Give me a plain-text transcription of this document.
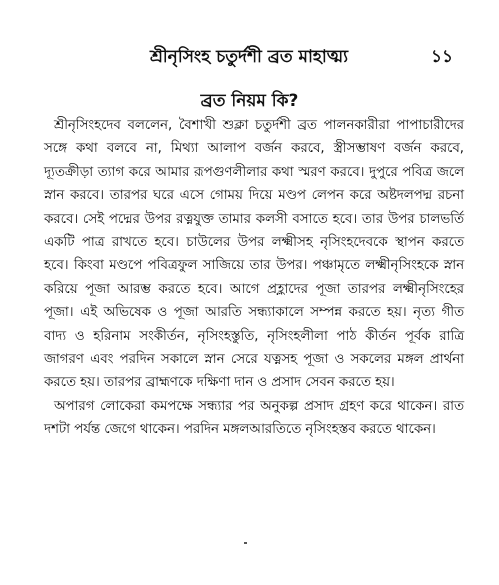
শ্রীনৃসিংহ চতুর্দশী ব্রত মাহাত্ম্য	১১
ব্রত নিয়ম কি?

শ্রীনৃসিংহদেব বললেন, বৈশাখী শুক্লা চতুর্দশী ব্রত পালনকারীরা পাপাচারীদের সঙ্গে কথা বলবে না, মিথ্যা আলাপ বর্জন করবে, স্ত্রীসম্ভাষণ বর্জন করবে, দ্যূতক্রীড়া ত্যাগ করে আমার রূপগুণলীলার কথা স্মরণ করবে। দুপুরে পবিত্র জলে স্নান করবে। তারপর ঘরে এসে গোময় দিয়ে মণ্ডপ লেপন করে অষ্টদলপদ্ম রচনা করবে। সেই পদ্মের উপর রত্নযুক্ত তামার কলসী বসাতে হবে। তার উপর চালভর্তি একটি পাত্র রাখতে হবে। চাউলের উপর লক্ষ্মীসহ নৃসিংহদেবকে স্থাপন করতে হবে। কিংবা মণ্ডপে পবিত্রফুল সাজিয়ে তার উপর। পঞ্চামৃতে লক্ষ্মীনৃসিংহকে স্নান করিয়ে পূজা আরম্ভ করতে হবে। আগে প্রহ্লাদের পূজা তারপর লক্ষ্মীনৃসিংহের পূজা। এই অভিষেক ও পূজা আরতি সন্ধ্যাকালে সম্পন্ন করতে হয়। নৃত্য গীত বাদ্য ও হরিনাম সংকীর্তন, নৃসিংহস্তুতি, নৃসিংহলীলা পাঠ কীর্তন পূর্বক রাত্রি জাগরণ এবং পরদিন সকালে স্নান সেরে যত্নসহ পূজা ও সকলের মঙ্গল প্রার্থনা করতে হয়। তারপর ব্রাহ্মণকে দক্ষিণা দান ও প্রসাদ সেবন করতে হয়।

অপারগ লোকেরা কমপক্ষে সন্ধ্যার পর অনুকল্প প্রসাদ গ্রহণ করে থাকেন। রাত দশটা পর্যন্ত জেগে থাকেন। পরদিন মঙ্গলআরতিতে নৃসিংহস্তব করতে থাকেন।
